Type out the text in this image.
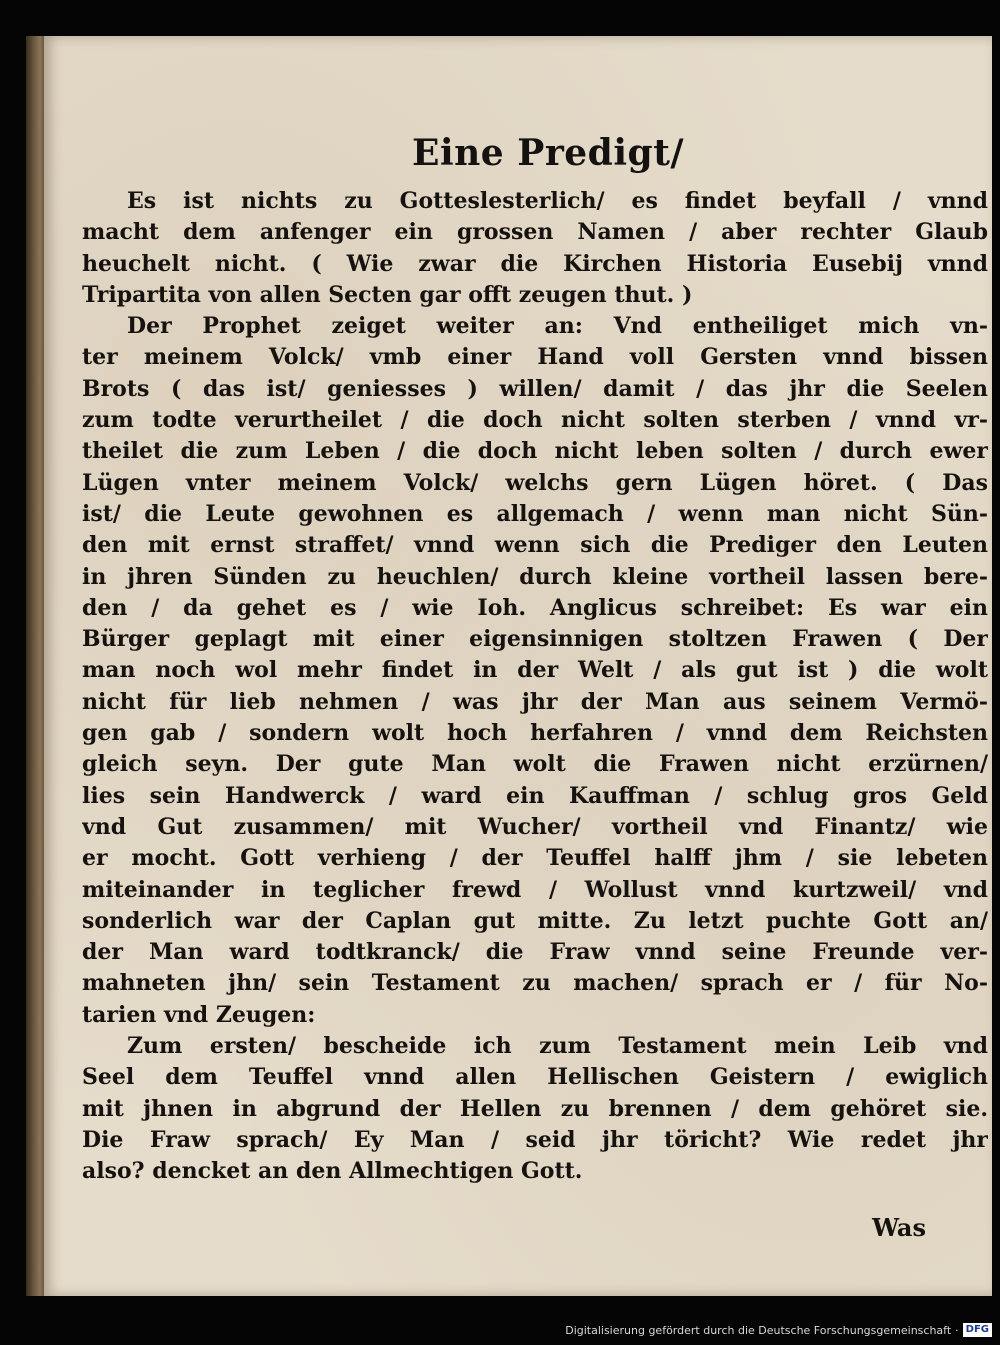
Eine Predigt/
Es ist nichts zu Gotteslesterlich/ es findet beyfall / vnnd
macht dem anfenger ein grossen Namen / aber rechter Glaub
heuchelt nicht. ( Wie zwar die Kirchen Historia Eusebij vnnd
Tripartita von allen Secten gar offt zeugen thut. )
Der Prophet zeiget weiter an: Vnd entheiliget mich vn-
ter meinem Volck/ vmb einer Hand voll Gersten vnnd bissen
Brots ( das ist/ geniesses ) willen/ damit / das jhr die Seelen
zum todte verurtheilet / die doch nicht solten sterben / vnnd vr-
theilet die zum Leben / die doch nicht leben solten / durch ewer
Lügen vnter meinem Volck/ welchs gern Lügen höret. ( Das
ist/ die Leute gewohnen es allgemach / wenn man nicht Sün-
den mit ernst straffet/ vnnd wenn sich die Prediger den Leuten
in jhren Sünden zu heuchlen/ durch kleine vortheil lassen bere-
den / da gehet es / wie Ioh. Anglicus schreibet: Es war ein
Bürger geplagt mit einer eigensinnigen stoltzen Frawen ( Der
man noch wol mehr findet in der Welt / als gut ist ) die wolt
nicht für lieb nehmen / was jhr der Man aus seinem Vermö-
gen gab / sondern wolt hoch herfahren / vnnd dem Reichsten
gleich seyn. Der gute Man wolt die Frawen nicht erzürnen/
lies sein Handwerck / ward ein Kauffman / schlug gros Geld
vnd Gut zusammen/ mit Wucher/ vortheil vnd Finantz/ wie
er mocht. Gott verhieng / der Teuffel halff jhm / sie lebeten
miteinander in teglicher frewd / Wollust vnnd kurtzweil/ vnd
sonderlich war der Caplan gut mitte. Zu letzt puchte Gott an/
der Man ward todtkranck/ die Fraw vnnd seine Freunde ver-
mahneten jhn/ sein Testament zu machen/ sprach er / für No-
tarien vnd Zeugen:
Zum ersten/ bescheide ich zum Testament mein Leib vnd
Seel dem Teuffel vnnd allen Hellischen Geistern / ewiglich
mit jhnen in abgrund der Hellen zu brennen / dem gehöret sie.
Die Fraw sprach/ Ey Man / seid jhr töricht? Wie redet jhr
also? dencket an den Allmechtigen Gott.
Was
Digitalisierung gefördert durch die Deutsche Forschungsgemeinschaft · DFG
